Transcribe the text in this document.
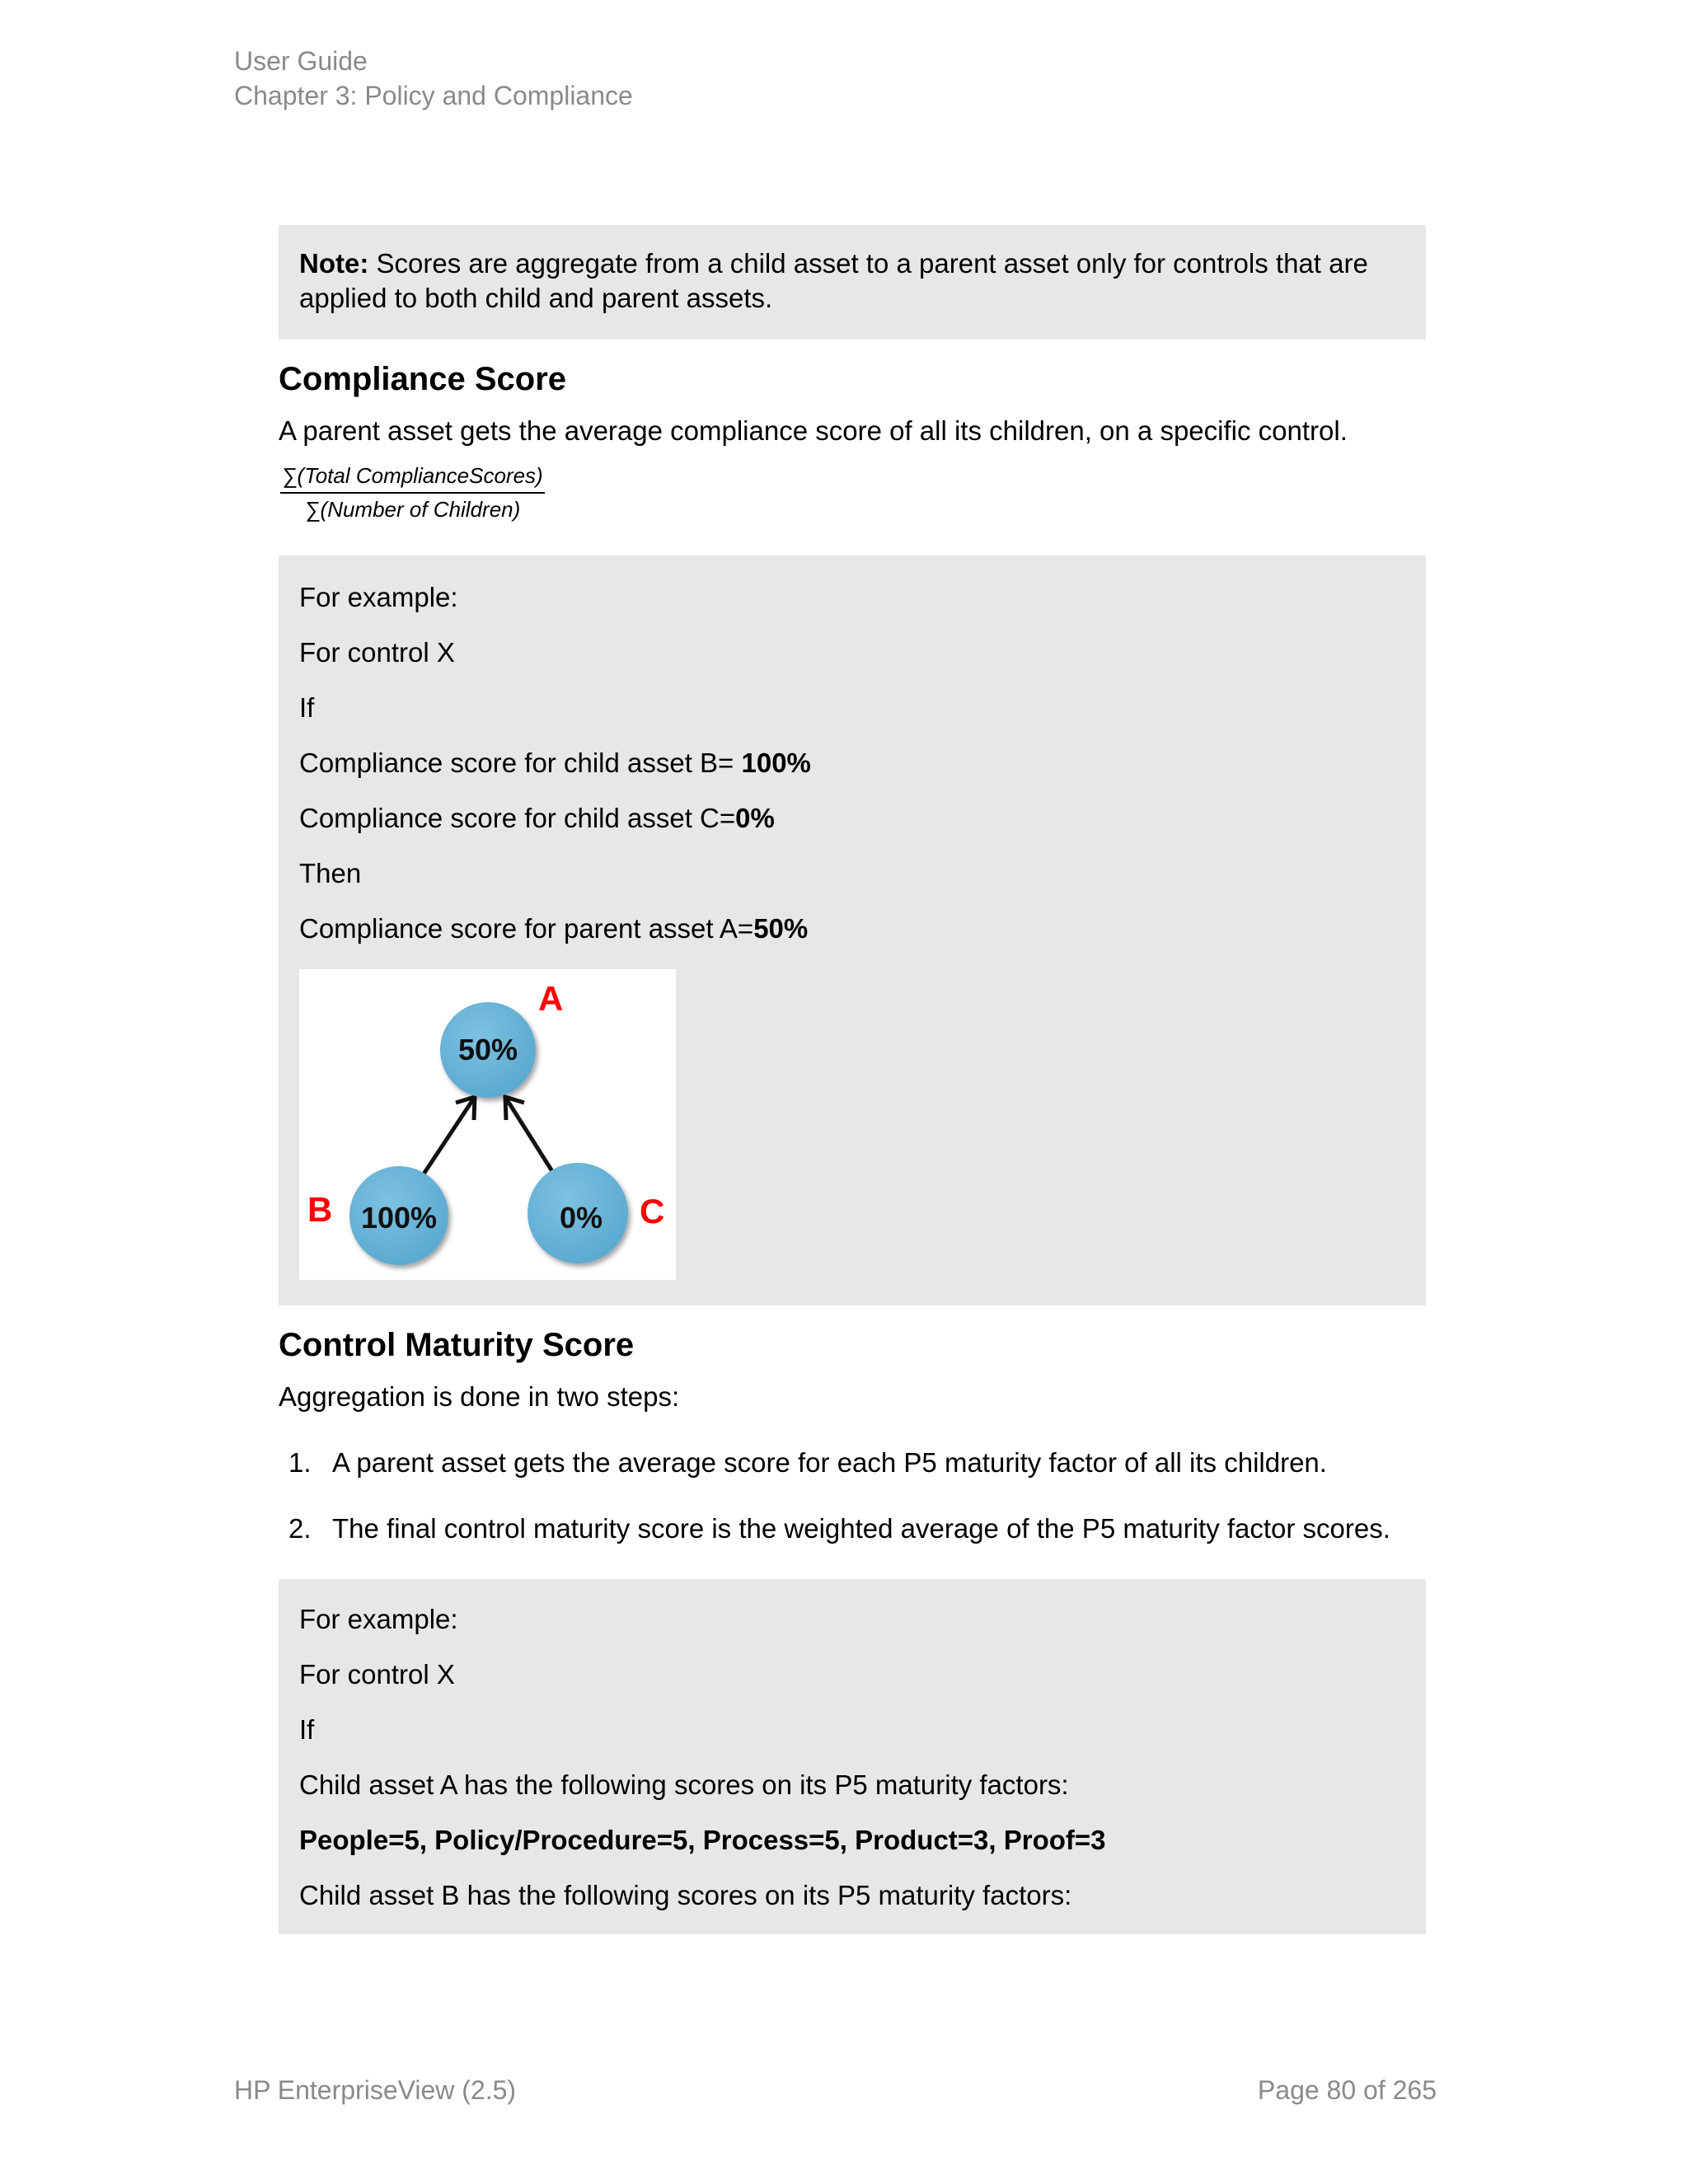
User Guide
Chapter 3: Policy and Compliance
Note: Scores are aggregate from a child asset to a parent asset only for controls that are
applied to both child and parent assets.
Compliance Score
A parent asset gets the average compliance score of all its children, on a specific control.
∑(Total ComplianceScores)
∑(Number of Children)
For example:
For control X
If
Compliance score for child asset B= 100%
Compliance score for child asset C=0%
Then
Compliance score for parent asset A=50%
50%
100%	0%
A
B	C
Control Maturity Score
Aggregation is done in two steps:
1. A parent asset gets the average score for each P5 maturity factor of all its children.
2. The final control maturity score is the weighted average of the P5 maturity factor scores.
For example:
For control X
If
Child asset A has the following scores on its P5 maturity factors:
People=5, Policy/Procedure=5, Process=5, Product=3, Proof=3
Child asset B has the following scores on its P5 maturity factors:
HP EnterpriseView (2.5)	Page 80 of 265
